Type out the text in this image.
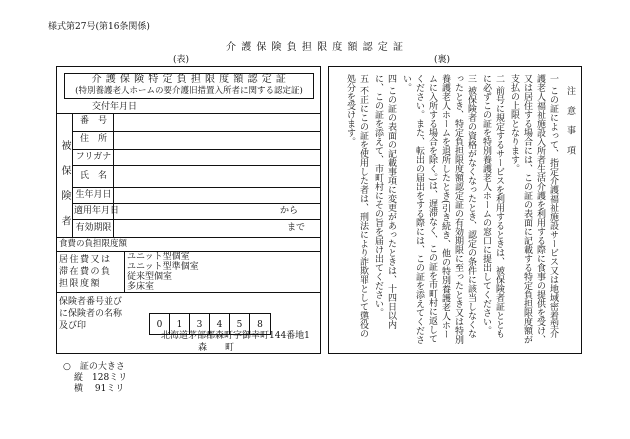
様式第27号(第16条関係)
介 護 保 険 負 担 限 度 額 認 定 証
(表)	(裏)
介 護 保 険 特 定 負 担 限 度 額 認 定 証
(特別養護老人ホームの要介護旧措置入所者に関する認定証)
交付年月日
被 保 険 者
番　号
住　所
フリガナ
氏　名
生年月日
適用年月日
有効期限
から
まで
食費の負担限度額
居住費又は滞在費の負担限度額
ユニット型個室
ユニット型準個室
従来型個室
多床室
保険者番号並びに保険者の名称及び印	0	1	3	4	5	8
北海道茅部郡森町字御幸町144番地1
森　　町

注 意 事 項

一 この証によって、指定介護福祉施設サービス又は地域密着型介護老人福祉施設入所者生活介護を利用する際に食事の提供を受け、又は居住する場合には、この証の表面に記載する特定負担限度額が支払の上限となります。

二 前号に規定するサービスを利用するときは、被保険者証とともに必ずこの証を特別養護老人ホームの窓口に提出してください。

三 被保険者の資格がなくなったとき、認定の条件に該当しなくなったとき、特定負担限度額認定証の有効期限に至ったとき又は特別養護老人ホームを退所したとき(引き続き、他の特別養護老人ホームに入所する場合を除く。)は、遅滞なく、この証を市町村に返してください。また、転出の届出をする際には、この証を添えてください。

四 この証の表面の記載事項に変更があったときは、十四日以内に、この証を添えて、市町村にその旨を届け出てください。

五 不正にこの証を使用した者は、刑法により詐欺罪として懲役の処分を受けます。

○　証の大きさ
縦　128ミリ
横　 91ミリ
